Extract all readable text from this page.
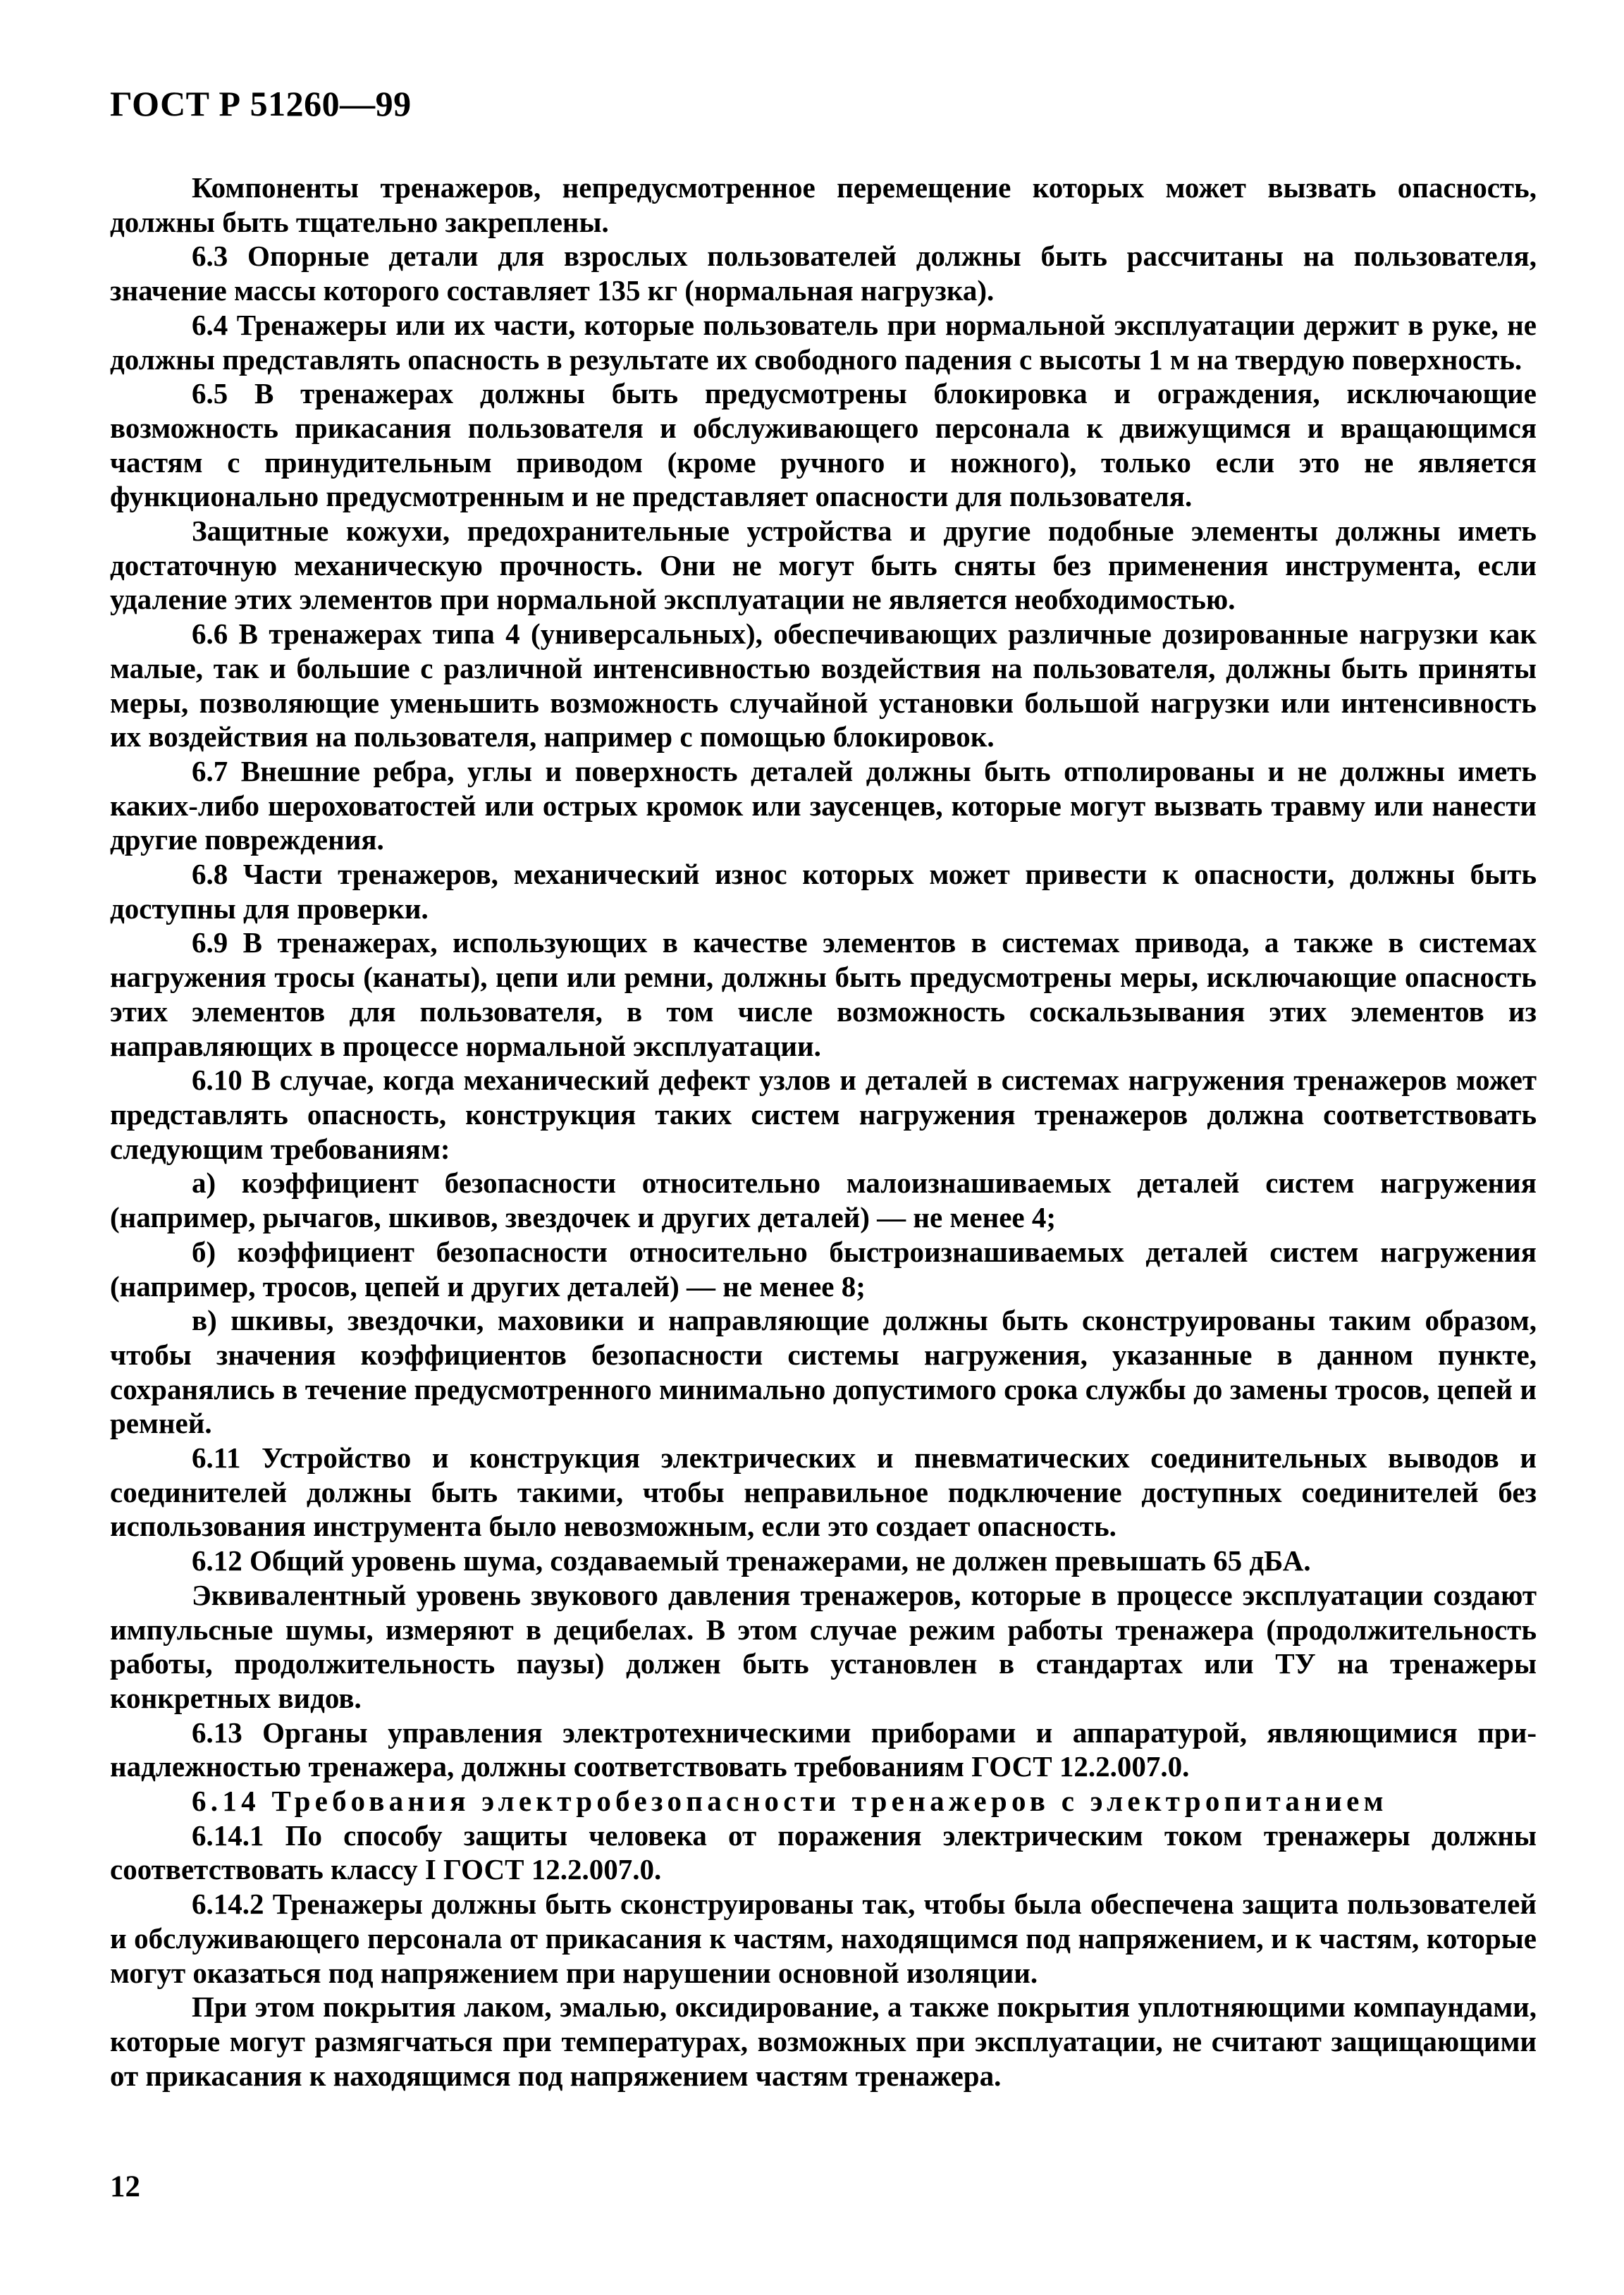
ГОСТ Р 51260—99

Компоненты тренажеров, непредусмотренное перемещение которых может вызвать опасность, должны быть тщательно закреплены.

6.3 Опорные детали для взрослых пользователей должны быть рассчитаны на пользователя, значение массы которого составляет 135 кг (нормальная нагрузка).

6.4 Тренажеры или их части, которые пользователь при нормальной эксплуатации держит в руке, не должны представлять опасность в результате их свободного падения с высоты 1 м на твердую поверхность.

6.5 В тренажерах должны быть предусмотрены блокировка и ограждения, исключающие возможность прикасания пользователя и обслуживающего персонала к движущимся и вращающимся частям с принудительным приводом (кроме ручного и ножного), только если это не является функционально предусмотренным и не представляет опасности для пользователя.

Защитные кожухи, предохранительные устройства и другие подобные элементы должны иметь достаточную механическую прочность. Они не могут быть сняты без применения инструмента, если удаление этих элементов при нормальной эксплуатации не является необходимостью.

6.6 В тренажерах типа 4 (универсальных), обеспечивающих различные дозированные нагрузки как малые, так и большие с различной интенсивностью воздействия на пользователя, должны быть приняты меры, позволяющие уменьшить возможность случайной установки большой нагрузки или интенсивность их воздействия на пользователя, например с помощью блокировок.

6.7 Внешние ребра, углы и поверхность деталей должны быть отполированы и не должны иметь каких-либо шероховатостей или острых кромок или заусенцев, которые могут вызвать травму или нанести другие повреждения.

6.8 Части тренажеров, механический износ которых может привести к опасности, должны быть доступны для проверки.

6.9 В тренажерах, использующих в качестве элементов в системах привода, а также в системах нагружения тросы (канаты), цепи или ремни, должны быть предусмотрены меры, исключающие опасность этих элементов для пользователя, в том числе возможность соскальзывания этих элементов из направляющих в процессе нормальной эксплуатации.

6.10 В случае, когда механический дефект узлов и деталей в системах нагружения тренажеров может представлять опасность, конструкция таких систем нагружения тренажеров должна соответствовать следующим требованиям:

а) коэффициент безопасности относительно малоизнашиваемых деталей систем нагружения (например, рычагов, шкивов, звездочек и других деталей) — не менее 4;

б) коэффициент безопасности относительно быстроизнашиваемых деталей систем нагружения (например, тросов, цепей и других деталей) — не менее 8;

в) шкивы, звездочки, маховики и направляющие должны быть сконструированы таким образом, чтобы значения коэффициентов безопасности системы нагружения, указанные в данном пункте, сохранялись в течение предусмотренного минимально допустимого срока службы до замены тросов, цепей и ремней.

6.11 Устройство и конструкция электрических и пневматических соединительных выводов и соединителей должны быть такими, чтобы неправильное подключение доступных соединителей без использования инструмента было невозможным, если это создает опасность.

6.12 Общий уровень шума, создаваемый тренажерами, не должен превышать 65 дБА.

Эквивалентный уровень звукового давления тренажеров, которые в процессе эксплуатации создают импульсные шумы, измеряют в децибелах. В этом случае режим работы тренажера (продолжительность работы, продолжительность паузы) должен быть установлен в стандартах или ТУ на тренажеры конкретных видов.

6.13 Органы управления электротехническими приборами и аппаратурой, являющимися принадлежностью тренажера, должны соответствовать требованиям ГОСТ 12.2.007.0.

6.14 Требования электробезопасности тренажеров с электропитанием

6.14.1 По способу защиты человека от поражения электрическим током тренажеры должны соответствовать классу I ГОСТ 12.2.007.0.

6.14.2 Тренажеры должны быть сконструированы так, чтобы была обеспечена защита пользователей и обслуживающего персонала от прикасания к частям, находящимся под напряжением, и к частям, которые могут оказаться под напряжением при нарушении основной изоляции.

При этом покрытия лаком, эмалью, оксидирование, а также покрытия уплотняющими компаундами, которые могут размягчаться при температурах, возможных при эксплуатации, не считают защищающими от прикасания к находящимся под напряжением частям тренажера.

12
